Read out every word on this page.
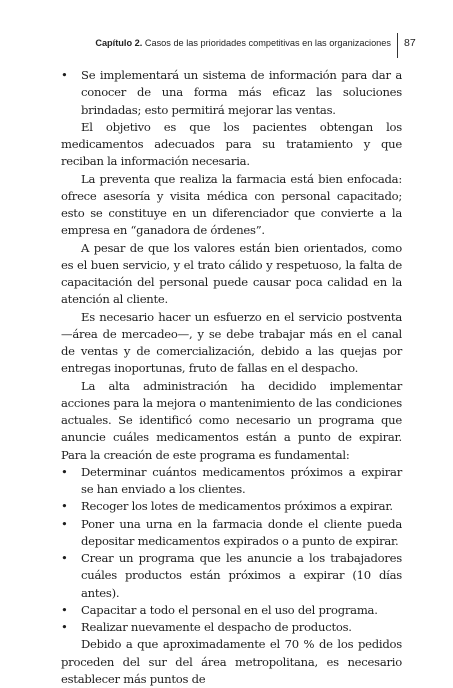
Capítulo 2. Casos de las prioridades competitivas en las organizaciones 87
•	Se implementará un sistema de información para dar a conocer de una forma más eficaz las soluciones brindadas; esto permitirá mejorar las ventas.

El objetivo es que los pacientes obtengan los medicamentos adecuados para su tratamiento y que reciban la información necesaria.

La preventa que realiza la farmacia está bien enfocada: ofrece asesoría y visita médica con personal capacitado; esto se constituye en un diferenciador que convierte a la empresa en “ganadora de órdenes”.

A pesar de que los valores están bien orientados, como es el buen servicio, y el trato cálido y respetuoso, la falta de capacitación del personal puede causar poca calidad en la atención al cliente.

Es necesario hacer un esfuerzo en el servicio postventa —área de mercadeo—, y se debe trabajar más en el canal de ventas y de comercialización, debido a las quejas por entregas inoportunas, fruto de fallas en el despacho.

La alta administración ha decidido implementar acciones para la mejora o mantenimiento de las condiciones actuales. Se identificó como necesario un programa que anuncie cuáles medicamentos están a punto de expirar. Para la creación de este programa es fundamental:

•	Determinar cuántos medicamentos próximos a expirar se han enviado a los clientes.
•	Recoger los lotes de medicamentos próximos a expirar.
•	Poner una urna en la farmacia donde el cliente pueda depositar medicamentos expirados o a punto de expirar.
•	Crear un programa que les anuncie a los trabajadores cuáles productos están próximos a expirar (10 días antes).
•	Capacitar a todo el personal en el uso del programa.
•	Realizar nuevamente el despacho de productos.

Debido a que aproximadamente el 70 % de los pedidos proceden del sur del área metropolitana, es necesario establecer más puntos de
